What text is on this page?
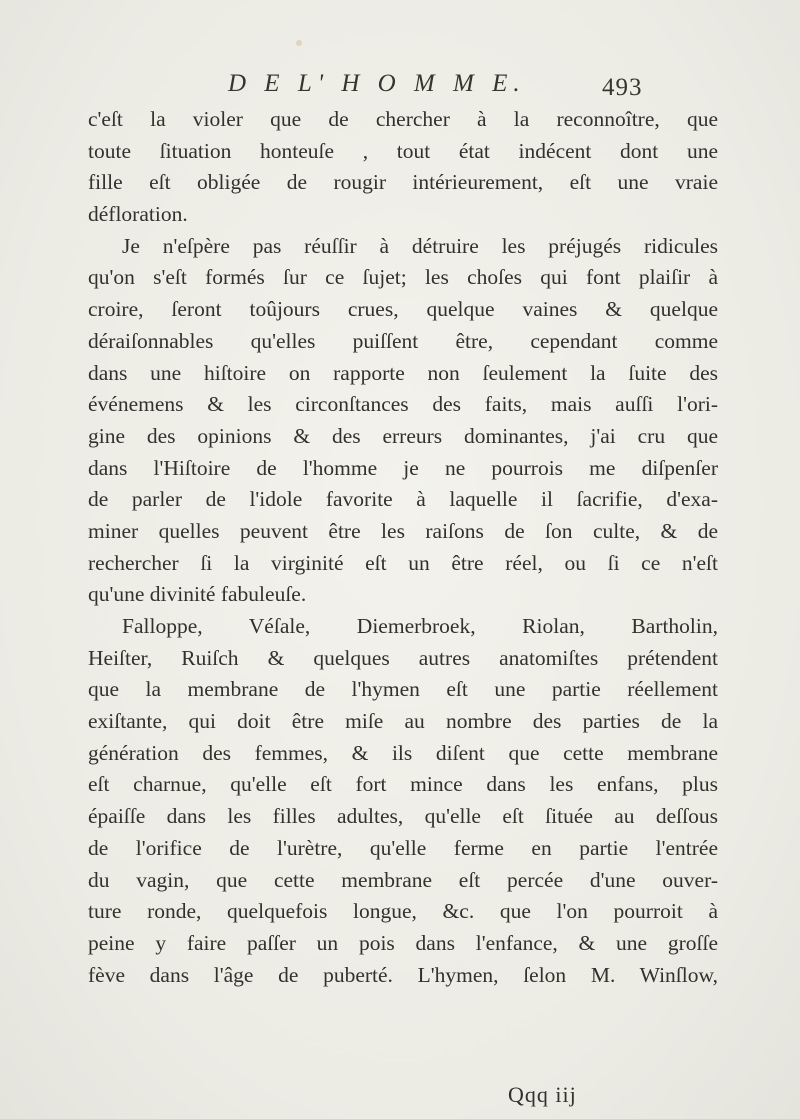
D E L' H O M M E.	493
c'eſt la violer que de chercher à la reconnoître, que
toute ſituation honteuſe , tout état indécent dont une
fille eſt obligée de rougir intérieurement, eſt une vraie
défloration.
Je n'eſpère pas réuſſir à détruire les préjugés ridicules
qu'on s'eſt formés ſur ce ſujet; les choſes qui font plaiſir à
croire, ſeront toûjours crues, quelque vaines & quelque
déraiſonnables qu'elles puiſſent être, cependant comme
dans une hiſtoire on rapporte non ſeulement la ſuite des
événemens & les circonſtances des faits, mais auſſi l'ori-
gine des opinions & des erreurs dominantes, j'ai cru que
dans l'Hiſtoire de l'homme je ne pourrois me diſpenſer
de parler de l'idole favorite à laquelle il ſacrifie, d'exa-
miner quelles peuvent être les raiſons de ſon culte, & de
rechercher ſi la virginité eſt un être réel, ou ſi ce n'eſt
qu'une divinité fabuleuſe.
Falloppe, Véſale, Diemerbroek, Riolan, Bartholin,
Heiſter, Ruiſch & quelques autres anatomiſtes prétendent
que la membrane de l'hymen eſt une partie réellement
exiſtante, qui doit être miſe au nombre des parties de la
génération des femmes, & ils diſent que cette membrane
eſt charnue, qu'elle eſt fort mince dans les enfans, plus
épaiſſe dans les filles adultes, qu'elle eſt ſituée au deſſous
de l'orifice de l'urètre, qu'elle ferme en partie l'entrée
du vagin, que cette membrane eſt percée d'une ouver-
ture ronde, quelquefois longue, &c. que l'on pourroit à
peine y faire paſſer un pois dans l'enfance, & une groſſe
fève dans l'âge de puberté. L'hymen, ſelon M. Winſlow,
Qqq iij
